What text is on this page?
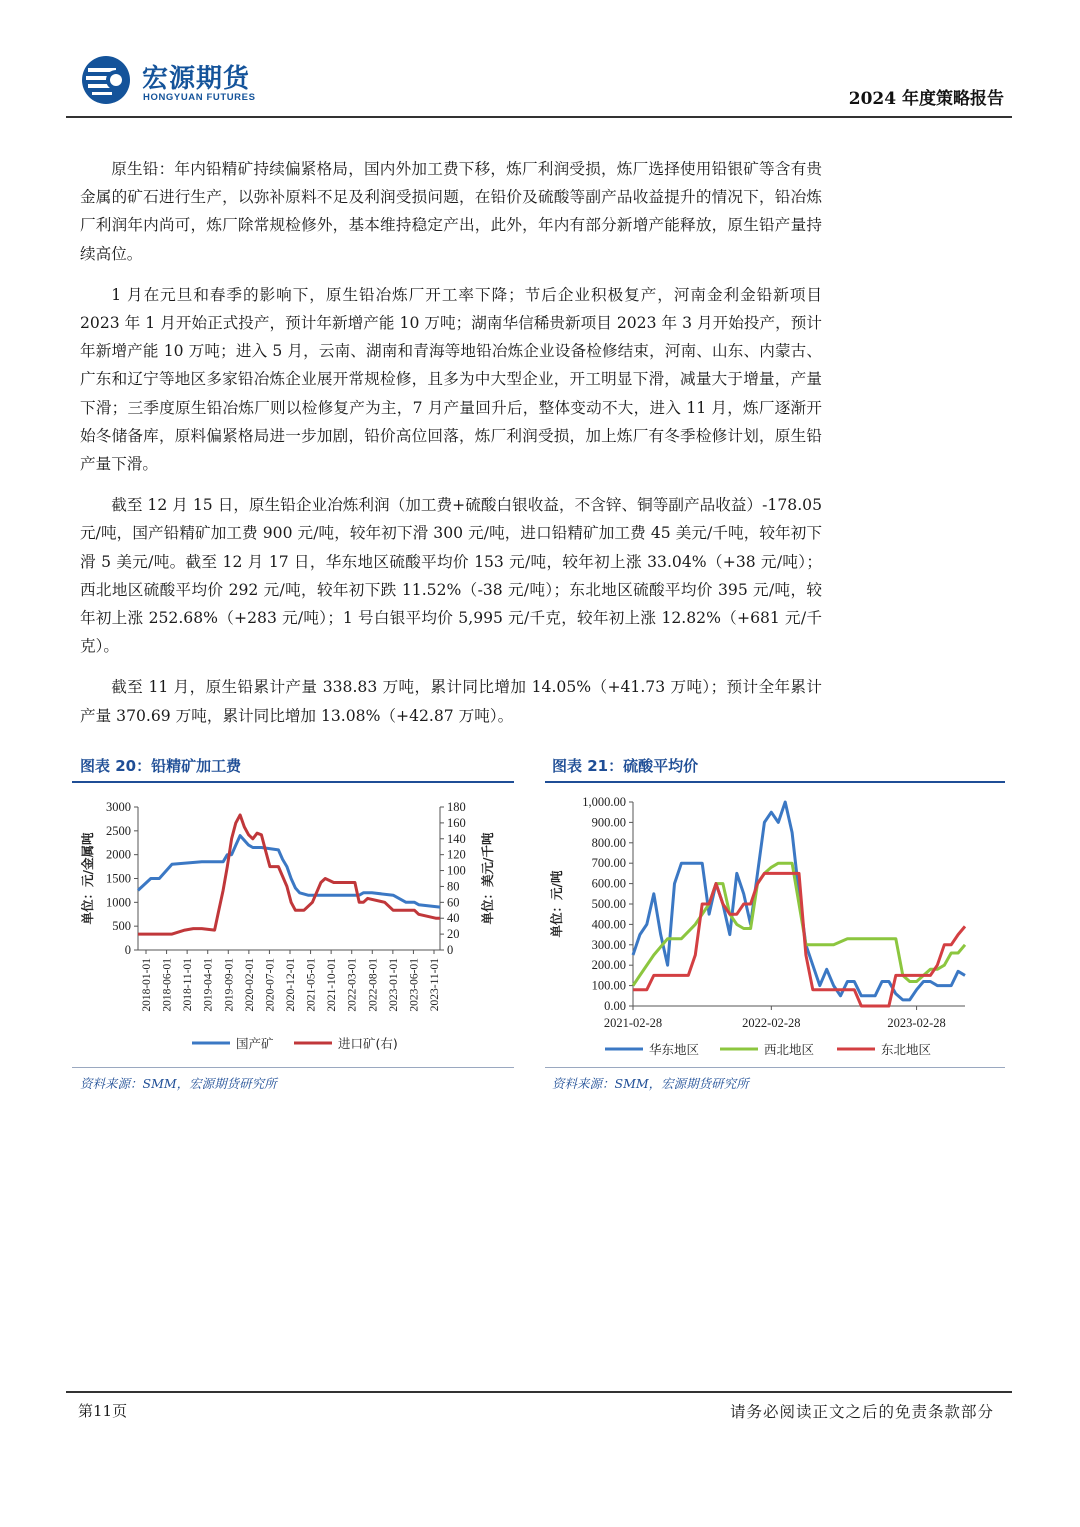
宏源期货
HONGYUAN FUTURES	2024 年度策略报告

原生铅：年内铅精矿持续偏紧格局，国内外加工费下移，炼厂利润受损，炼厂选择使用铅银矿等含有贵金属的矿石进行生产，以弥补原料不足及利润受损问题，在铅价及硫酸等副产品收益提升的情况下，铅冶炼厂利润年内尚可，炼厂除常规检修外，基本维持稳定产出，此外，年内有部分新增产能释放，原生铅产量持续高位。

1 月在元旦和春季的影响下，原生铅冶炼厂开工率下降；节后企业积极复产，河南金利金铅新项目 2023 年 1 月开始正式投产，预计年新增产能 10 万吨；湖南华信稀贵新项目 2023 年 3 月开始投产，预计年新增产能 10 万吨；进入 5 月，云南、湖南和青海等地铅冶炼企业设备检修结束，河南、山东、内蒙古、广东和辽宁等地区多家铅冶炼企业展开常规检修，且多为中大型企业，开工明显下滑，减量大于增量，产量下滑；三季度原生铅冶炼厂则以检修复产为主，7 月产量回升后，整体变动不大，进入 11 月，炼厂逐渐开始冬储备库，原料偏紧格局进一步加剧，铅价高位回落，炼厂利润受损，加上炼厂有冬季检修计划，原生铅产量下滑。

截至 12 月 15 日，原生铅企业冶炼利润（加工费+硫酸白银收益，不含锌、铜等副产品收益）-178.05 元/吨，国产铅精矿加工费 900 元/吨，较年初下滑 300 元/吨，进口铅精矿加工费 45 美元/千吨，较年初下滑 5 美元/吨。截至 12 月 17 日，华东地区硫酸平均价 153 元/吨，较年初上涨 33.04%（+38 元/吨）；西北地区硫酸平均价 292 元/吨，较年初下跌 11.52%（-38 元/吨）；东北地区硫酸平均价 395 元/吨，较年初上涨 252.68%（+283 元/吨）；1 号白银平均价 5,995 元/千克，较年初上涨 12.82%（+681 元/千克）。

截至 11 月，原生铅累计产量 338.83 万吨，累计同比增加 14.05%（+41.73 万吨）；预计全年累计产量 370.69 万吨，累计同比增加 13.08%（+42.87 万吨）。

图表 20：铅精矿加工费
0
500
1000
1500
2000
2500
3000
0
20
40
60
80
100
120
140
160
180
2018-01-01 2018-06-01 2018-11-01 2019-04-01 2019-09-01 2020-02-01 2020-07-01 2020-12-01 2021-05-01 2021-10-01 2022-03-01 2022-08-01 2023-01-01 2023-06-01 2023-11-01
单位：元/金属吨	单位：美元/千吨
国产矿	进口矿(右)
资料来源：SMM，宏源期货研究所
图表 21：硫酸平均价
0.00
100.00
200.00
300.00
400.00
500.00
600.00
700.00
800.00
900.00
1,000.00
2021-02-28	2022-02-28	2023-02-28
单位：元/吨
华东地区	西北地区	东北地区
资料来源：SMM，宏源期货研究所
第11页	请务必阅读正文之后的免责条款部分
